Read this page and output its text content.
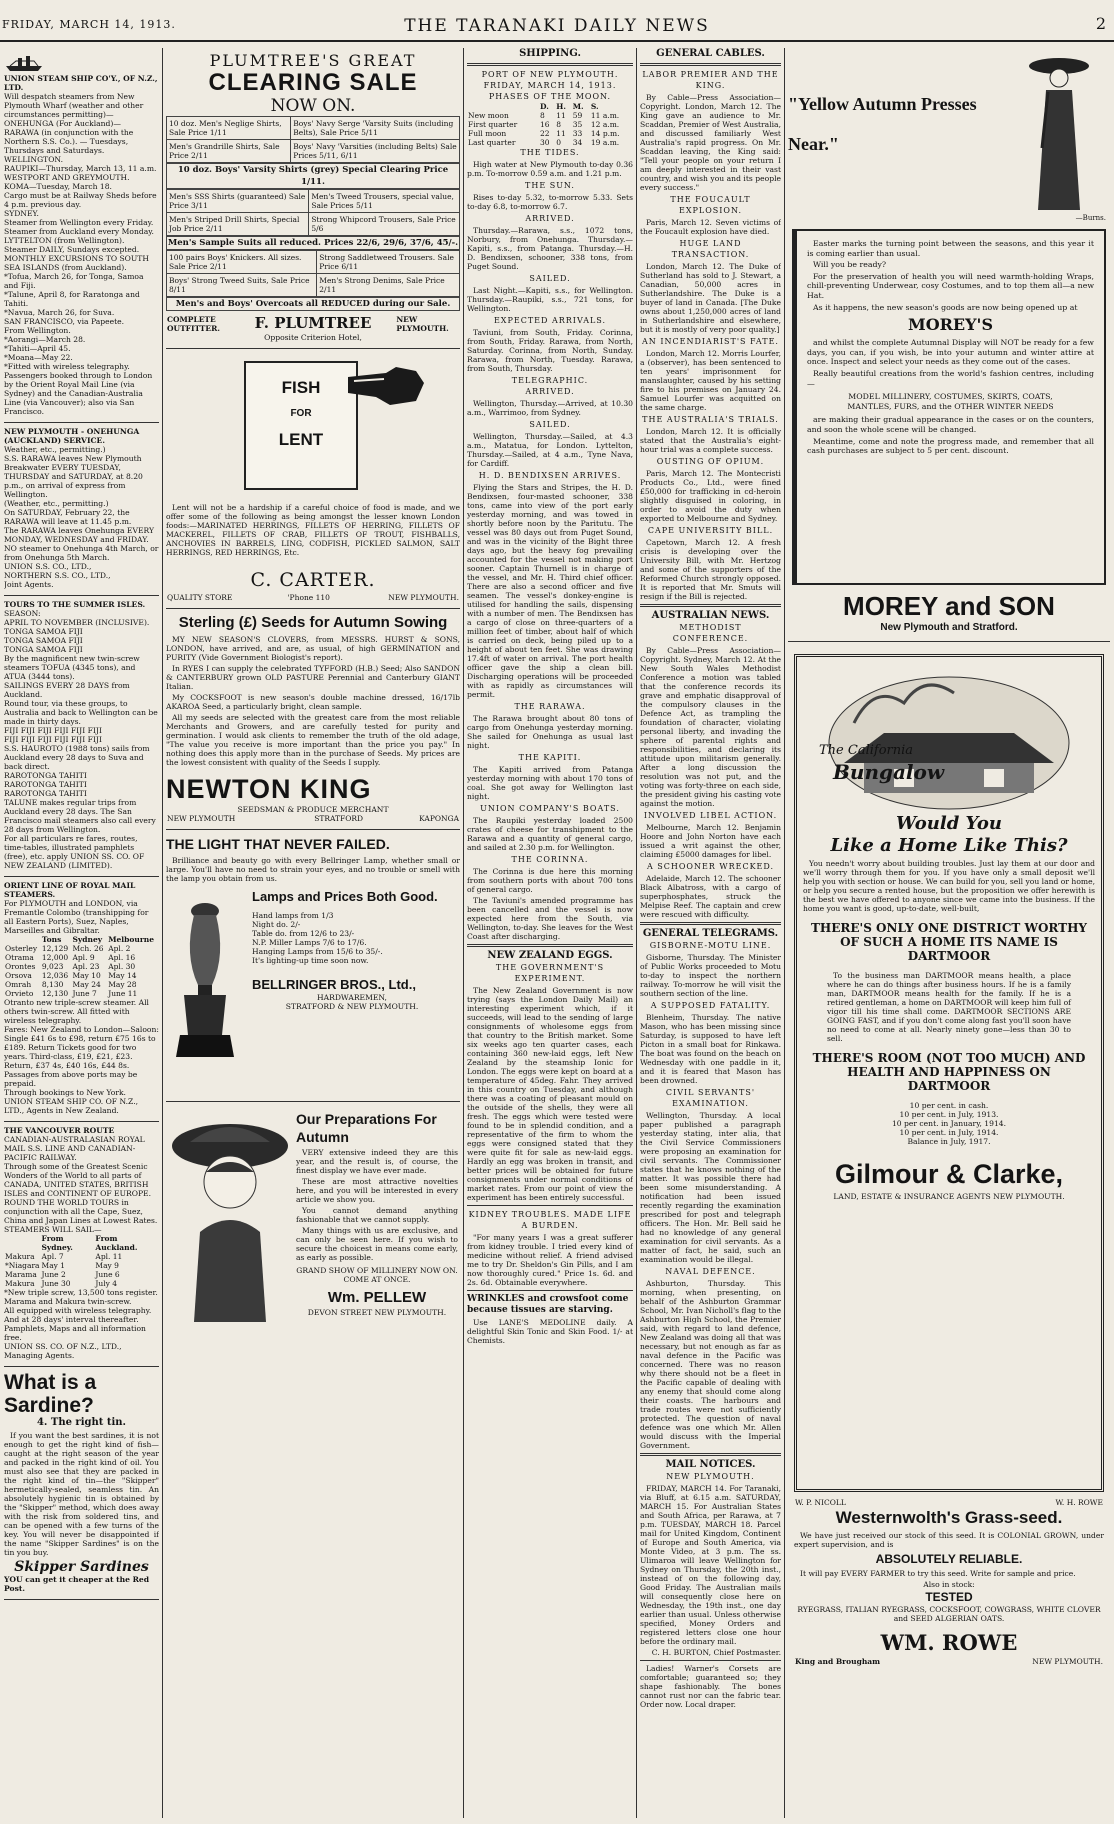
FRIDAY, MARCH 14, 1913.	THE TARANAKI DAILY NEWS	2
UNION STEAM SHIP CO'Y., OF N.Z., LTD.
Will despatch steamers from New Plymouth Wharf (weather and other circumstances permitting)—
ONEHUNGA (For Auckland)—
RARAWA (in conjunction with the Northern S.S. Co.). — Tuesdays, Thursdays and Saturdays.
WELLINGTON.
RAUPIKI—Thursday, March 13, 11 a.m.
WESTPORT AND GREYMOUTH.
KOMA—Tuesday, March 18.
Cargo must be at Railway Sheds before 4 p.m. previous day.
SYDNEY.
Steamer from Wellington every Friday.
Steamer from Auckland every Monday.
LYTTELTON (from Wellington).
Steamer DAILY, Sundays excepted.
MONTHLY EXCURSIONS TO SOUTH SEA ISLANDS (from Auckland).
*Tofua, March 26, for Tonga, Samoa and Fiji.
*Talune, April 8, for Raratonga and Tahiti.
*Navua, March 26, for Suva.
SAN FRANCISCO, via Papeete.
From Wellington.
*Aorangi—March 28.
*Tahiti—April 45.
*Moana—May 22.
*Fitted with wireless telegraphy.
Passengers booked through to London by the Orient Royal Mail Line (via Sydney) and the Canadian-Australia Line (via Vancouver); also via San Francisco.
NEW PLYMOUTH - ONEHUNGA (AUCKLAND) SERVICE.
Weather, etc., permitting.)
S.S. RARAWA leaves New Plymouth Breakwater EVERY TUESDAY, THURSDAY and SATURDAY, at 8.20 p.m., on arrival of express from Wellington.
(Weather, etc., permitting.)
On SATURDAY, February 22, the RARAWA will leave at 11.45 p.m.
The RARAWA leaves Onehunga EVERY MONDAY, WEDNESDAY and FRIDAY.
NO steamer to Onehunga 4th March, or from Onehunga 5th March.
UNION S.S. CO., LTD.,
NORTHERN S.S. CO., LTD.,
Joint Agents.
TOURS TO THE SUMMER ISLES.
SEASON:
APRIL TO NOVEMBER (INCLUSIVE).
TONGA SAMOA FIJI
TONGA SAMOA FIJI
TONGA SAMOA FIJI
By the magnificent new twin-screw steamers TOFUA (4345 tons), and ATUA (3444 tons).
SAILINGS EVERY 28 DAYS from Auckland.
Round tour, via these groups, to Australia and back to Wellington can be made in thirty days.
FIJI FIJI FIJI FIJI FIJI FIJI
FIJI FIJI FIJI FIJI FIJI FIJI
S.S. HAUROTO (1988 tons) sails from Auckland every 28 days to Suva and back direct.
RAROTONGA TAHITI
RAROTONGA TAHITI
RAROTONGA TAHITI
TALUNE makes regular trips from Auckland every 28 days. The San Francisco mail steamers also call every 28 days from Wellington.
For all particulars re fares, routes, time-tables, illustrated pamphlets (free), etc. apply UNION SS. CO. OF NEW ZEALAND (LIMITED).
ORIENT LINE OF ROYAL MAIL STEAMERS.
For PLYMOUTH and LONDON, via Fremantle Colombo (transhipping for all Eastern Ports), Suez, Naples, Marseilles and Gibraltar.
	Tons	Sydney	Melbourne
Osterley	12,129	Mch. 26	Apl. 2
Otrama	12,000	Apl. 9	Apl. 16
Orontes	9,023	Apl. 23	Apl. 30
Orsova	12,036	May 10	May 14
Omrah	8,130	May 24	May 28
Orvieto	12,130	June 7	June 11
Otranto new triple-screw steamer. All others twin-screw. All fitted with wireless telegraphy.
Fares: New Zealand to London—Saloon: Single £41 6s to £98, return £75 16s to £189. Return Tickets good for two years. Third-class, £19, £21, £23. Return, £37 4s, £40 16s, £44 8s.
Passages from above ports may be prepaid.
Through bookings to New York.
UNION STEAM SHIP CO. OF N.Z., LTD., Agents in New Zealand.
THE VANCOUVER ROUTE
CANADIAN-AUSTRALASIAN ROYAL MAIL S.S. LINE AND CANADIAN-PACIFIC RAILWAY.
Through some of the Greatest Scenic Wonders of the World to all parts of CANADA, UNITED STATES, BRITISH ISLES and CONTINENT OF EUROPE. ROUND THE WORLD TOURS in conjunction with all the Cape, Suez, China and Japan Lines at Lowest Rates.
STEAMERS WILL SAIL—
	From Sydney.	From Auckland.
Makura	Apl. 7	Apl. 11
*Niagara	May 1	May 9
Marama	June 2	June 6
Makura	June 30	July 4
*New triple screw, 13,500 tons register. Marama and Makura twin-screw.
All equipped with wireless telegraphy. And at 28 days' interval thereafter.
Pamphlets, Maps and all information free.
UNION SS. CO. OF N.Z., LTD., Managing Agents.
What is a Sardine?
4. The right tin.
If you want the best sardines, it is not enough to get the right kind of fish—caught at the right season of the year and packed in the right kind of oil. You must also see that they are packed in the right kind of tin—the "Skipper" hermetically-sealed, seamless tin. An absolutely hygienic tin is obtained by the "Skipper" method, which does away with the risk from soldered tins, and can be opened with a few turns of the key. You will never be disappointed if the name "Skipper Sardines" is on the tin you buy.
Skipper Sardines
YOU can get it cheaper at the Red Post.
PLUMTREE'S GREAT
CLEARING SALE
NOW ON.
10 doz. Men's Neglige Shirts, Sale Price 1/11	Boys' Navy Serge 'Varsity Suits (including Belts), Sale Price 5/11
Men's Grandrille Shirts, Sale Price 2/11	Boys' Navy 'Varsities (including Belts) Sale Prices 5/11, 6/11
10 doz. Boys' Varsity Shirts (grey) Special Clearing Price 1/11.
Men's SSS Shirts (guaranteed) Sale Price 3/11	Men's Tweed Trousers, special value, Sale Prices 5/11
Men's Striped Drill Shirts, Special Job Price 2/11	Strong Whipcord Trousers, Sale Price 5/6
Men's Sample Suits all reduced. Prices 22/6, 29/6, 37/6, 45/-.
100 pairs Boys' Knickers. All sizes. Sale Price 2/11	Strong Saddletweed Trousers. Sale Price 6/11
Boys' Strong Tweed Suits, Sale Price 8/11	Men's Strong Denims, Sale Price 2/11
Men's and Boys' Overcoats all REDUCED during our Sale.
COMPLETE OUTFITTER.	F. PLUMTREE	NEW PLYMOUTH.
Opposite Criterion Hotel,
FISH
FOR
LENT
Lent will not be a hardship if a careful choice of food is made, and we offer some of the following as being amongst the lesser known London foods:—MARINATED HERRINGS, FILLETS OF HERRING, FILLETS OF MACKEREL, FILLETS OF CRAB, FILLETS OF TROUT, FISHBALLS, ANCHOVIES IN BARRELS, LING, CODFISH, PICKLED SALMON, SALT HERRINGS, RED HERRINGS, Etc.
C. CARTER.
QUALITY STORE	'Phone 110	NEW PLYMOUTH.
Sterling (£) Seeds for Autumn Sowing
MY NEW SEASON'S CLOVERS, from MESSRS. HURST & SONS, LONDON, have arrived, and are, as usual, of high GERMINATION and PURITY (Vide Government Biologist's report).
In RYES I can supply the celebrated TYFFORD (H.B.) Seed; Also SANDON & CANTERBURY grown OLD PASTURE Perennial and Canterbury GIANT Italian.
My COCKSFOOT is new season's double machine dressed, 16/17lb AKAROA Seed, a particularly bright, clean sample.
All my seeds are selected with the greatest care from the most reliable Merchants and Growers, and are carefully tested for purity and germination. I would ask clients to remember the truth of the old adage, "The value you receive is more important than the price you pay." In nothing does this apply more than in the purchase of Seeds. My prices are the lowest consistent with quality of the Seeds I supply.
NEWTON KING
SEEDSMAN & PRODUCE MERCHANT
NEW PLYMOUTH	STRATFORD	KAPONGA
THE LIGHT THAT NEVER FAILED.
Brilliance and beauty go with every Bellringer Lamp, whether small or large. You'll have no need to strain your eyes, and no trouble or smell with the lamp you obtain from us.
Lamps and Prices Both Good.
Hand lamps from 1/3
Night do. 2/-
Table do. from 12/6 to 23/-
N.P. Miller Lamps 7/6 to 17/6.
Hanging Lamps from 15/6 to 35/-.
It's lighting-up time soon now.
BELLRINGER BROS., Ltd.,
HARDWAREMEN,
STRATFORD & NEW PLYMOUTH.
Our Preparations For Autumn
VERY extensive indeed they are this year, and the result is, of course, the finest display we have ever made.
These are most attractive novelties here, and you will be interested in every article we show you.
You cannot demand anything fashionable that we cannot supply.
Many things with us are exclusive, and can only be seen here. If you wish to secure the choicest in means come early, as early as possible.
GRAND SHOW OF MILLINERY NOW ON. COME AT ONCE.
Wm. PELLEW
DEVON STREET NEW PLYMOUTH.
SHIPPING.
PORT OF NEW PLYMOUTH.
FRIDAY, MARCH 14, 1913.
PHASES OF THE MOON.
	D.	H.	M.	S.
New moon	8	11	59	11 a.m.
First quarter	16	8	35	12 a.m.
Full moon	22	11	33	14 p.m.
Last quarter	30	0	34	19 a.m.
THE TIDES.
High water at New Plymouth to-day 0.36 p.m. To-morrow 0.59 a.m. and 1.21 p.m.
THE SUN.
Rises to-day 5.32, to-morrow 5.33. Sets to-day 6.8, to-morrow 6.7.
ARRIVED.
Thursday.—Rarawa, s.s., 1072 tons, Norbury, from Onehunga. Thursday.—Kapiti, s.s., from Patanga. Thursday.—H. D. Bendixsen, schooner, 338 tons, from Puget Sound.
SAILED.
Last Night.—Kapiti, s.s., for Wellington. Thursday.—Raupiki, s.s., 721 tons, for Wellington.
EXPECTED ARRIVALS.
Taviuni, from South, Friday. Corinna, from South, Friday. Rarawa, from North, Saturday. Corinna, from North, Sunday. Rarawa, from North, Tuesday. Rarawa, from South, Thursday.
TELEGRAPHIC.
ARRIVED.
Wellington, Thursday.—Arrived, at 10.30 a.m., Warrimoo, from Sydney.
SAILED.
Wellington, Thursday.—Sailed, at 4.3 a.m., Matatua, for London. Lyttelton, Thursday.—Sailed, at 4 a.m., Tyne Nava, for Cardiff.
H. D. BENDIXSEN ARRIVES.
Flying the Stars and Stripes, the H. D. Bendixsen, four-masted schooner, 338 tons, came into view of the port early yesterday morning, and was towed in shortly before noon by the Paritutu. The vessel was 80 days out from Puget Sound, and was in the vicinity of the Bight three days ago, but the heavy fog prevailing accounted for the vessel not making port sooner. Captain Thurnell is in charge of the vessel, and Mr. H. Third chief officer. There are also a second officer and five seamen. The vessel's donkey-engine is utilised for handling the sails, dispensing with a number of men. The Bendixsen has a cargo of close on three-quarters of a million feet of timber, about half of which is carried on deck, being piled up to a height of about ten feet. She was drawing 17.4ft of water on arrival. The port health officer gave the ship a clean bill. Discharging operations will be proceeded with as rapidly as circumstances will permit.
THE RARAWA.
The Rarawa brought about 80 tons of cargo from Onehunga yesterday morning. She sailed for Onehunga as usual last night.
THE KAPITI.
The Kapiti arrived from Patanga yesterday morning with about 170 tons of coal. She got away for Wellington last night.
UNION COMPANY'S BOATS.
The Raupiki yesterday loaded 2500 crates of cheese for transhipment to the Rarawa and a quantity of general cargo, and sailed at 2.30 p.m. for Wellington.
THE CORINNA.
The Corinna is due here this morning from southern ports with about 700 tons of general cargo.
The Taviuni's amended programme has been cancelled and the vessel is now expected here from the South, via Wellington, to-day. She leaves for the West Coast after discharging.
NEW ZEALAND EGGS.
THE GOVERNMENT'S EXPERIMENT.
The New Zealand Government is now trying (says the London Daily Mail) an interesting experiment which, if it succeeds, will lead to the sending of large consignments of wholesome eggs from that country to the British market. Some six weeks ago ten quarter cases, each containing 360 new-laid eggs, left New Zealand by the steamship Ionic for London. The eggs were kept on board at a temperature of 45deg. Fahr. They arrived in this country on Tuesday, and although there was a coating of pleasant mould on the outside of the shells, they were all fresh. The eggs which were tested were found to be in splendid condition, and a representative of the firm to whom the eggs were consigned stated that they were quite fit for sale as new-laid eggs. Hardly an egg was broken in transit, and better prices will be obtained for future consignments under normal conditions of market rates. From our point of view the experiment has been entirely successful.
KIDNEY TROUBLES. MADE LIFE A BURDEN.
"For many years I was a great sufferer from kidney trouble. I tried every kind of medicine without relief. A friend advised me to try Dr. Sheldon's Gin Pills, and I am now thoroughly cured." Price 1s. 6d. and 2s. 6d. Obtainable everywhere.
WRINKLES and crowsfoot come because tissues are starving.
Use LANE'S MEDOLINE daily. A delightful Skin Tonic and Skin Food. 1/- at Chemists.
GENERAL CABLES.
LABOR PREMIER AND THE KING.
By Cable—Press Association—Copyright. London, March 12. The King gave an audience to Mr. Scaddan, Premier of West Australia, and discussed familiarly West Australia's rapid progress. On Mr. Scaddan leaving, the King said: "Tell your people on your return I am deeply interested in their vast country, and wish you and its people every success."
THE FOUCAULT EXPLOSION.
Paris, March 12. Seven victims of the Foucault explosion have died.
HUGE LAND TRANSACTION.
London, March 12. The Duke of Sutherland has sold to J. Stewart, a Canadian, 50,000 acres in Sutherlandshire. The Duke is a buyer of land in Canada. [The Duke owns about 1,250,000 acres of land in Sutherlandshire and elsewhere, but it is mostly of very poor quality.]
AN INCENDIARIST'S FATE.
London, March 12. Morris Lourfer, a (observer), has been sentenced to ten years' imprisonment for manslaughter, caused by his setting fire to his premises on January 24. Samuel Lourfer was acquitted on the same charge.
THE AUSTRALIA'S TRIALS.
London, March 12. It is officially stated that the Australia's eight-hour trial was a complete success.
OUSTING OF OPIUM.
Paris, March 12. The Montecristi Products Co., Ltd., were fined £50,000 for trafficking in cd-heroin slightly disguised in coloring, in order to avoid the duty when exported to Melbourne and Sydney.
CAPE UNIVERSITY BILL.
Capetown, March 12. A fresh crisis is developing over the University Bill, with Mr. Hertzog and some of the supporters of the Reformed Church strongly opposed. It is reported that Mr. Smuts will resign if the Bill is rejected.
AUSTRALIAN NEWS.
METHODIST CONFERENCE.
By Cable—Press Association—Copyright. Sydney, March 12. At the New South Wales Methodist Conference a motion was tabled that the conference records its grave and emphatic disapproval of the compulsory clauses in the Defence Act, as trampling the foundation of character, violating personal liberty, and invading the sphere of parental rights and responsibilities, and declaring its attitude upon militarism generally. After a long discussion the resolution was not put, and the voting was forty-three on each side, the president giving his casting vote against the motion.
INVOLVED LIBEL ACTION.
Melbourne, March 12. Benjamin Hoore and John Norton have each issued a writ against the other, claiming £5000 damages for libel.
A SCHOONER WRECKED.
Adelaide, March 12. The schooner Black Albatross, with a cargo of superphosphates, struck the Melpise Reef. The captain and crew were rescued with difficulty.
GENERAL TELEGRAMS.
GISBORNE-MOTU LINE.
Gisborne, Thursday. The Minister of Public Works proceeded to Motu to-day to inspect the northern railway. To-morrow he will visit the southern section of the line.
A SUPPOSED FATALITY.
Blenheim, Thursday. The native Mason, who has been missing since Saturday, is supposed to have left Picton in a small boat for Rinkawa. The boat was found on the beach on Wednesday with one paddle in it, and it is feared that Mason has been drowned.
CIVIL SERVANTS' EXAMINATION.
Wellington, Thursday. A local paper published a paragraph yesterday stating, inter alia, that the Civil Service Commissioners were proposing an examination for civil servants. The Commissioner states that he knows nothing of the matter. It was possible there had been some misunderstanding. A notification had been issued recently regarding the examination prescribed for post and telegraph officers. The Hon. Mr. Bell said he had no knowledge of any general examination for civil servants. As a matter of fact, he said, such an examination would be illegal.
NAVAL DEFENCE.
Ashburton, Thursday. This morning, when presenting, on behalf of the Ashburton Grammar School, Mr. Ivan Nicholl's flag to the Ashburton High School, the Premier said, with regard to land defence, New Zealand was doing all that was necessary, but not enough as far as naval defence in the Pacific was concerned. There was no reason why there should not be a fleet in the Pacific capable of dealing with any enemy that should come along their coasts. The harbours and trade routes were not sufficiently protected. The question of naval defence was one which Mr. Allen would discuss with the Imperial Government.
MAIL NOTICES.
NEW PLYMOUTH.
FRIDAY, MARCH 14. For Taranaki, via Bluff, at 6.15 a.m. SATURDAY, MARCH 15. For Australian States and South Africa, per Rarawa, at 7 p.m. TUESDAY, MARCH 18. Parcel mail for United Kingdom, Continent of Europe and South America, via Monte Video, at 3 p.m. The ss. Ulimaroa will leave Wellington for Sydney on Thursday, the 20th inst., instead of on the following day, Good Friday. The Australian mails will consequently close here on Wednesday, the 19th inst., one day earlier than usual. Unless otherwise specified, Money Orders and registered letters close one hour before the ordinary mail.
C. H. BURTON, Chief Postmaster.
Ladies! Warner's Corsets are comfortable; guaranteed so; they shape fashionably. The bones cannot rust nor can the fabric tear. Order now. Local draper.
"Yellow Autumn Presses Near."
—Burns.
Easter marks the turning point between the seasons, and this year it is coming earlier than usual.
Will you be ready?
For the preservation of health you will need warmth-holding Wraps, chill-preventing Underwear, cosy Costumes, and to top them all—a new Hat.
As it happens, the new season's goods are now being opened up at
MOREY'S
and whilst the complete Autumnal Display will NOT be ready for a few days, you can, if you wish, be into your autumn and winter attire at once. Inspect and select your needs as they come out of the cases.
Really beautiful creations from the world's fashion centres, including—
MODEL MILLINERY, COSTUMES, SKIRTS, COATS, MANTLES, FURS, and the OTHER WINTER NEEDS
are making their gradual appearance in the cases or on the counters, and soon the whole scene will be changed.
Meantime, come and note the progress made, and remember that all cash purchases are subject to 5 per cent. discount.
MOREY and SON
New Plymouth and Stratford.
The California
Bungalow
Would You
Like a Home Like This?
You needn't worry about building troubles. Just lay them at our door and we'll worry through them for you. If you have only a small deposit we'll help you with section or house. We can build for you, sell you land or home, or help you secure a rented house, but the proposition we offer herewith is the best we have offered to anyone since we came into the business. If the home you want is good, up-to-date, well-built,
THERE'S ONLY ONE DISTRICT WORTHY OF SUCH A HOME ITS NAME IS DARTMOOR
To the business man DARTMOOR means health, a place where he can do things after business hours. If he is a family man, DARTMOOR means health for the family. If he is a retired gentleman, a home on DARTMOOR will keep him full of vigor till his time shall come. DARTMOOR SECTIONS ARE GOING FAST, and if you don't come along fast you'll soon have no need to come at all. Nearly ninety gone—less than 30 to sell.
THERE'S ROOM (NOT TOO MUCH) AND HEALTH AND HAPPINESS ON DARTMOOR
10 per cent. in cash.
10 per cent. in July, 1913.
10 per cent. in January, 1914.
10 per cent. in July, 1914.
Balance in July, 1917.
Gilmour & Clarke,
LAND, ESTATE & INSURANCE AGENTS NEW PLYMOUTH.
W. P. NICOLL	W. H. ROWE
Westernwolth's Grass-seed.
We have just received our stock of this seed. It is COLONIAL GROWN, under expert supervision, and is
ABSOLUTELY RELIABLE.
It will pay EVERY FARMER to try this seed. Write for sample and price.
Also in stock:
TESTED
RYEGRASS, ITALIAN RYEGRASS, COCKSFOOT, COWGRASS, WHITE CLOVER and SEED ALGERIAN OATS.
WM. ROWE
King and Brougham	NEW PLYMOUTH.
